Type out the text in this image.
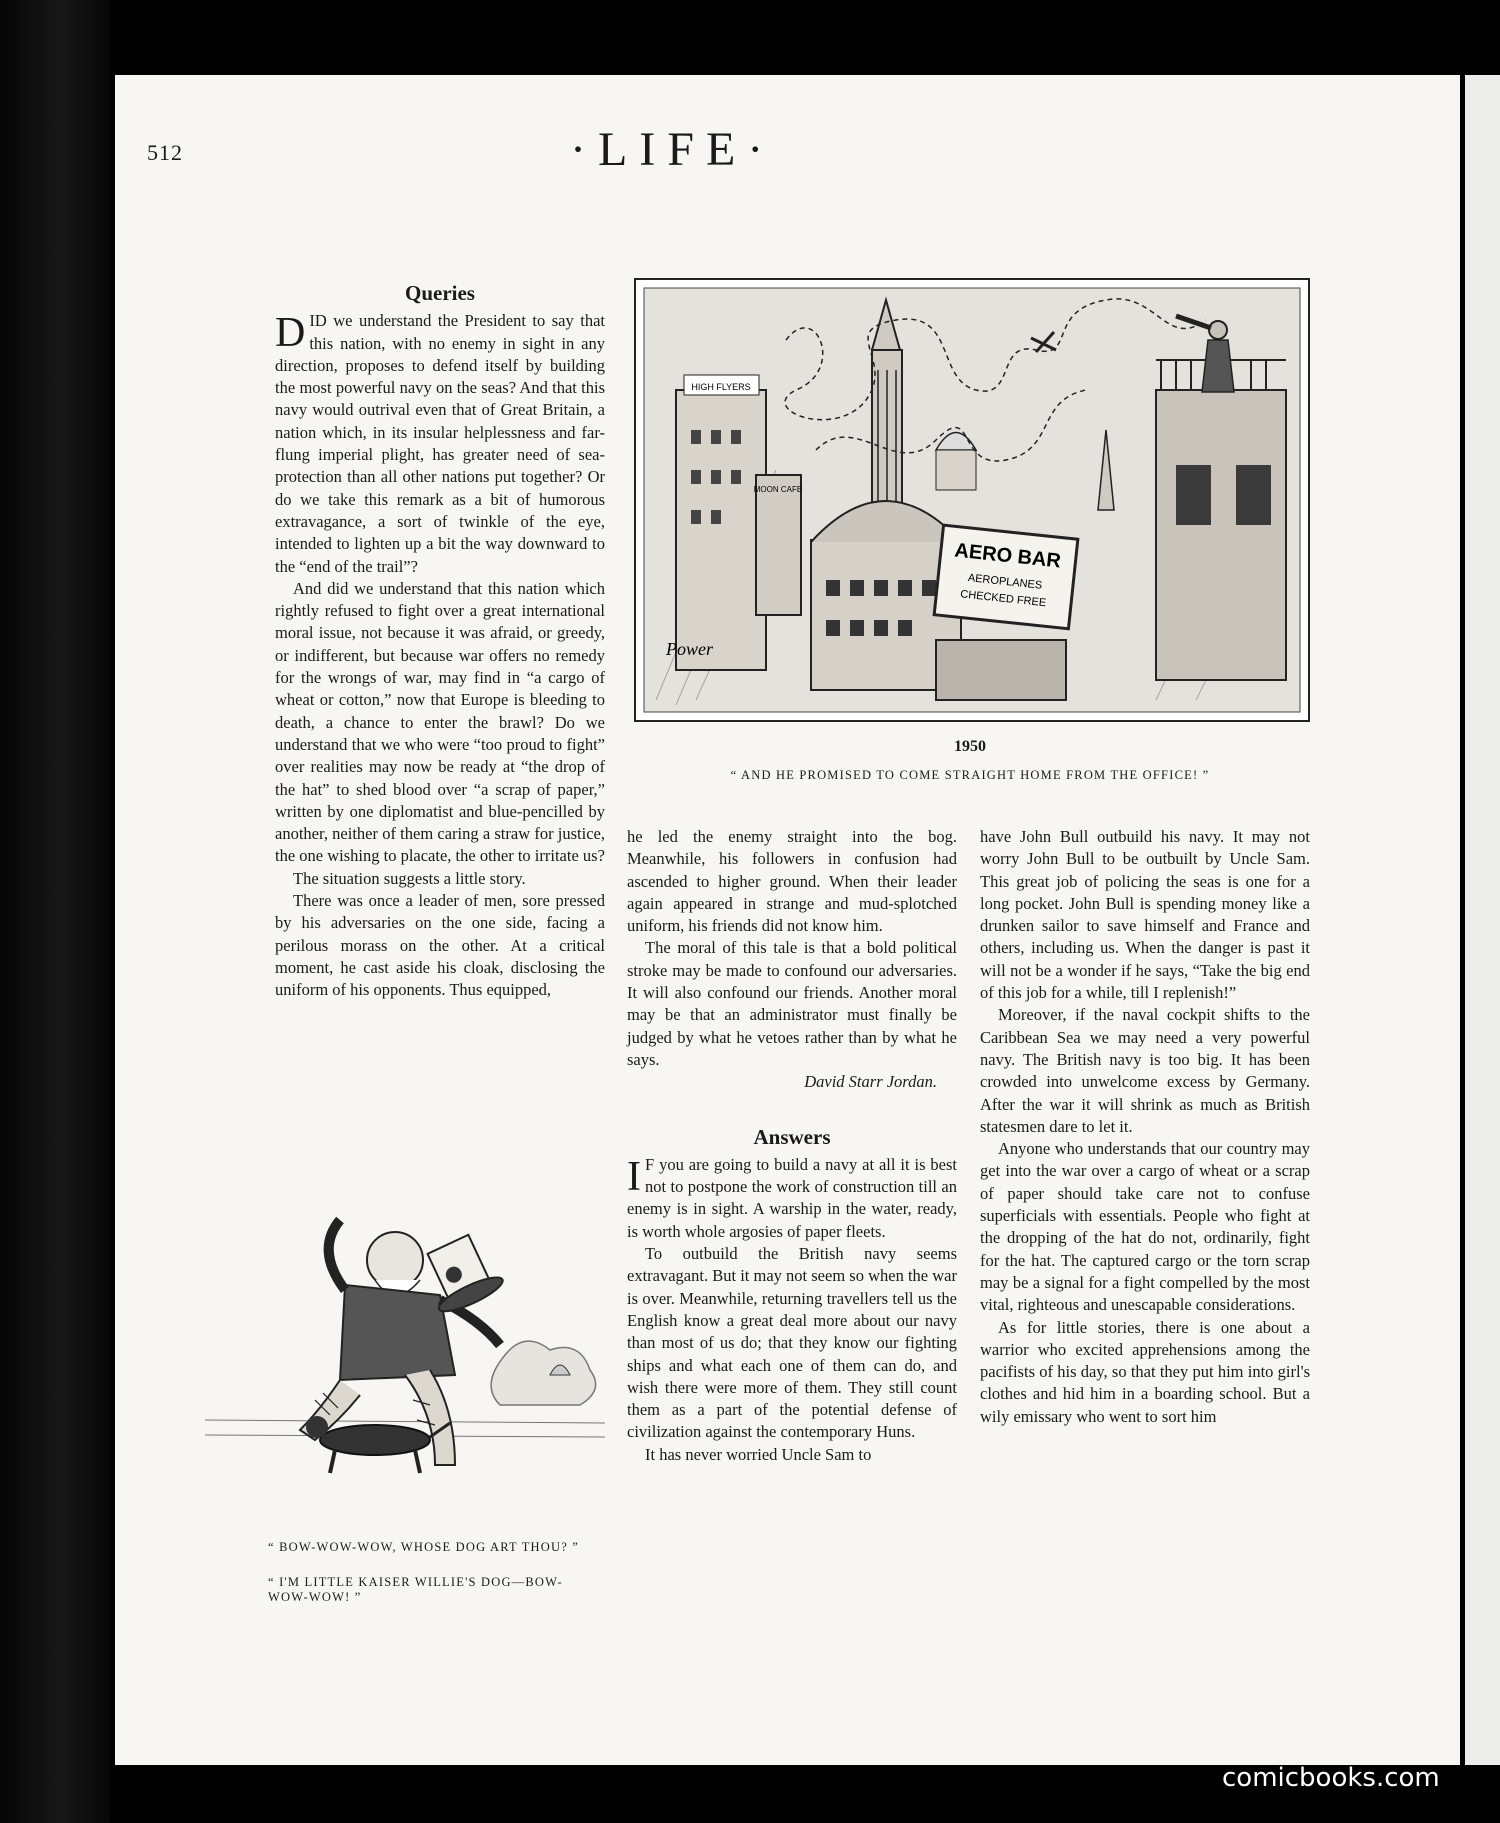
512	·LIFE·
Queries

DID we understand the President to say that this nation, with no enemy in sight in any direction, proposes to defend itself by building the most powerful navy on the seas? And that this navy would outrival even that of Great Britain, a nation which, in its insular helplessness and far-flung imperial plight, has greater need of sea-protection than all other nations put together? Or do we take this remark as a bit of humorous extravagance, a sort of twinkle of the eye, intended to lighten up a bit the way downward to the “end of the trail”?

And did we understand that this nation which rightly refused to fight over a great international moral issue, not because it was afraid, or greedy, or indifferent, but because war offers no remedy for the wrongs of war, may find in “a cargo of wheat or cotton,” now that Europe is bleeding to death, a chance to enter the brawl? Do we understand that we who were “too proud to fight” over realities may now be ready at “the drop of the hat” to shed blood over “a scrap of paper,” written by one diplomatist and blue-pencilled by another, neither of them caring a straw for justice, the one wishing to placate, the other to irritate us?

The situation suggests a little story.

There was once a leader of men, sore pressed by his adversaries on the one side, facing a perilous morass on the other. At a critical moment, he cast aside his cloak, disclosing the uniform of his opponents. Thus equipped,

HIGH FLYERS
MOON CAFE
AERO BAR
AEROPLANES
CHECKED FREE
Power
1950
“ AND HE PROMISED TO COME STRAIGHT HOME FROM THE OFFICE! ”

he led the enemy straight into the bog. Meanwhile, his followers in confusion had ascended to higher ground. When their leader again appeared in strange and mud-splotched uniform, his friends did not know him.

The moral of this tale is that a bold political stroke may be made to confound our adversaries. It will also confound our friends. Another moral may be that an administrator must finally be judged by what he vetoes rather than by what he says.

David Starr Jordan.

Answers

I F you are going to build a navy at all it is best not to postpone the work of construction till an enemy is in sight. A warship in the water, ready, is worth whole argosies of paper fleets.

To outbuild the British navy seems extravagant. But it may not seem so when the war is over. Meanwhile, returning travellers tell us the English know a great deal more about our navy than most of us do; that they know our fighting ships and what each one of them can do, and wish there were more of them. They still count them as a part of the potential defense of civilization against the contemporary Huns.

It has never worried Uncle Sam to

have John Bull outbuild his navy. It may not worry John Bull to be outbuilt by Uncle Sam. This great job of policing the seas is one for a long pocket. John Bull is spending money like a drunken sailor to save himself and France and others, including us. When the danger is past it will not be a wonder if he says, “Take the big end of this job for a while, till I replenish!”

Moreover, if the naval cockpit shifts to the Caribbean Sea we may need a very powerful navy. The British navy is too big. It has been crowded into unwelcome excess by Germany. After the war it will shrink as much as British statesmen dare to let it.

Anyone who understands that our country may get into the war over a cargo of wheat or a scrap of paper should take care not to confuse superficials with essentials. People who fight at the dropping of the hat do not, ordinarily, fight for the hat. The captured cargo or the torn scrap may be a signal for a fight compelled by the most vital, righteous and unescapable considerations.

As for little stories, there is one about a warrior who excited apprehensions among the pacifists of his day, so that they put him into girl's clothes and hid him in a boarding school. But a wily emissary who went to sort him

“ BOW-WOW-WOW, WHOSE DOG ART THOU? ”
“ I'M LITTLE KAISER WILLIE'S DOG—BOW-WOW-WOW! ”
comicbooks.com
